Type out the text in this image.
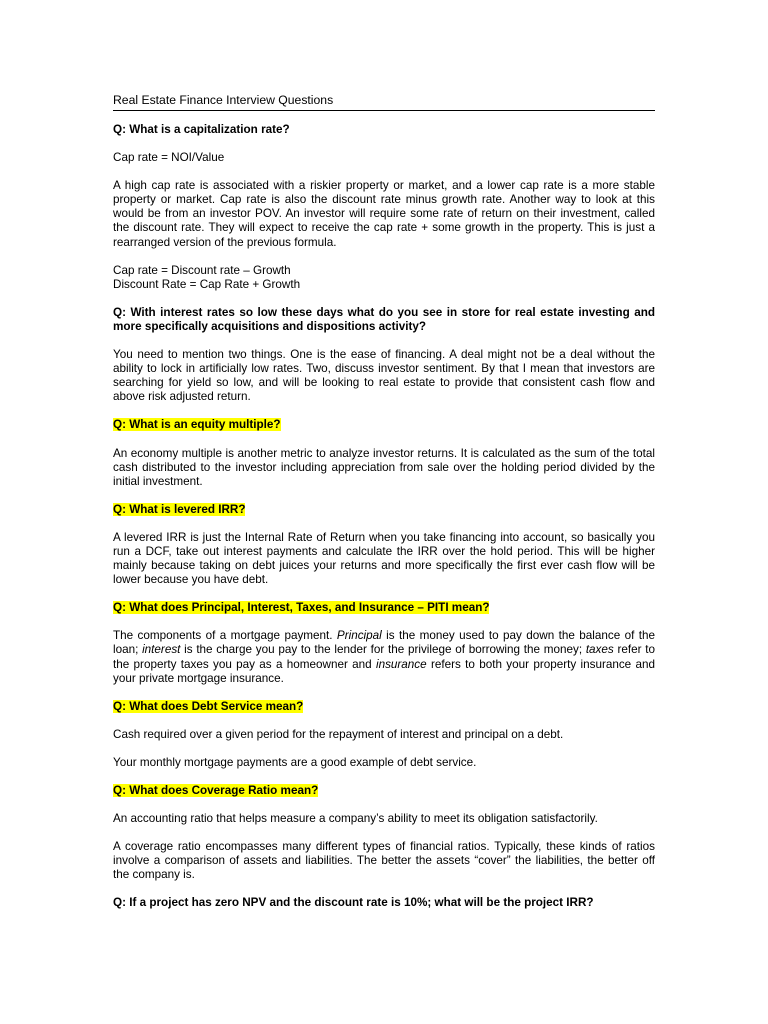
Real Estate Finance Interview Questions

Q: What is a capitalization rate?

Cap rate = NOI/Value

A high cap rate is associated with a riskier property or market, and a lower cap rate is a more stable property or market. Cap rate is also the discount rate minus growth rate. Another way to look at this would be from an investor POV. An investor will require some rate of return on their investment, called the discount rate. They will expect to receive the cap rate + some growth in the property. This is just a rearranged version of the previous formula.

Cap rate = Discount rate – Growth

Discount Rate = Cap Rate + Growth

Q: With interest rates so low these days what do you see in store for real estate investing and more specifically acquisitions and dispositions activity?

You need to mention two things. One is the ease of financing. A deal might not be a deal without the ability to lock in artificially low rates. Two, discuss investor sentiment. By that I mean that investors are searching for yield so low, and will be looking to real estate to provide that consistent cash flow and above risk adjusted return.

Q: What is an equity multiple?

An economy multiple is another metric to analyze investor returns. It is calculated as the sum of the total cash distributed to the investor including appreciation from sale over the holding period divided by the initial investment.

Q: What is levered IRR?

A levered IRR is just the Internal Rate of Return when you take financing into account, so basically you run a DCF, take out interest payments and calculate the IRR over the hold period. This will be higher mainly because taking on debt juices your returns and more specifically the first ever cash flow will be lower because you have debt.

Q: What does Principal, Interest, Taxes, and Insurance – PITI mean?

The components of a mortgage payment. Principal is the money used to pay down the balance of the loan; interest is the charge you pay to the lender for the privilege of borrowing the money; taxes refer to the property taxes you pay as a homeowner and insurance refers to both your property insurance and your private mortgage insurance.

Q: What does Debt Service mean?

Cash required over a given period for the repayment of interest and principal on a debt.

Your monthly mortgage payments are a good example of debt service.

Q: What does Coverage Ratio mean?

An accounting ratio that helps measure a company’s ability to meet its obligation satisfactorily.

A coverage ratio encompasses many different types of financial ratios. Typically, these kinds of ratios involve a comparison of assets and liabilities. The better the assets “cover” the liabilities, the better off the company is.

Q: If a project has zero NPV and the discount rate is 10%; what will be the project IRR?
